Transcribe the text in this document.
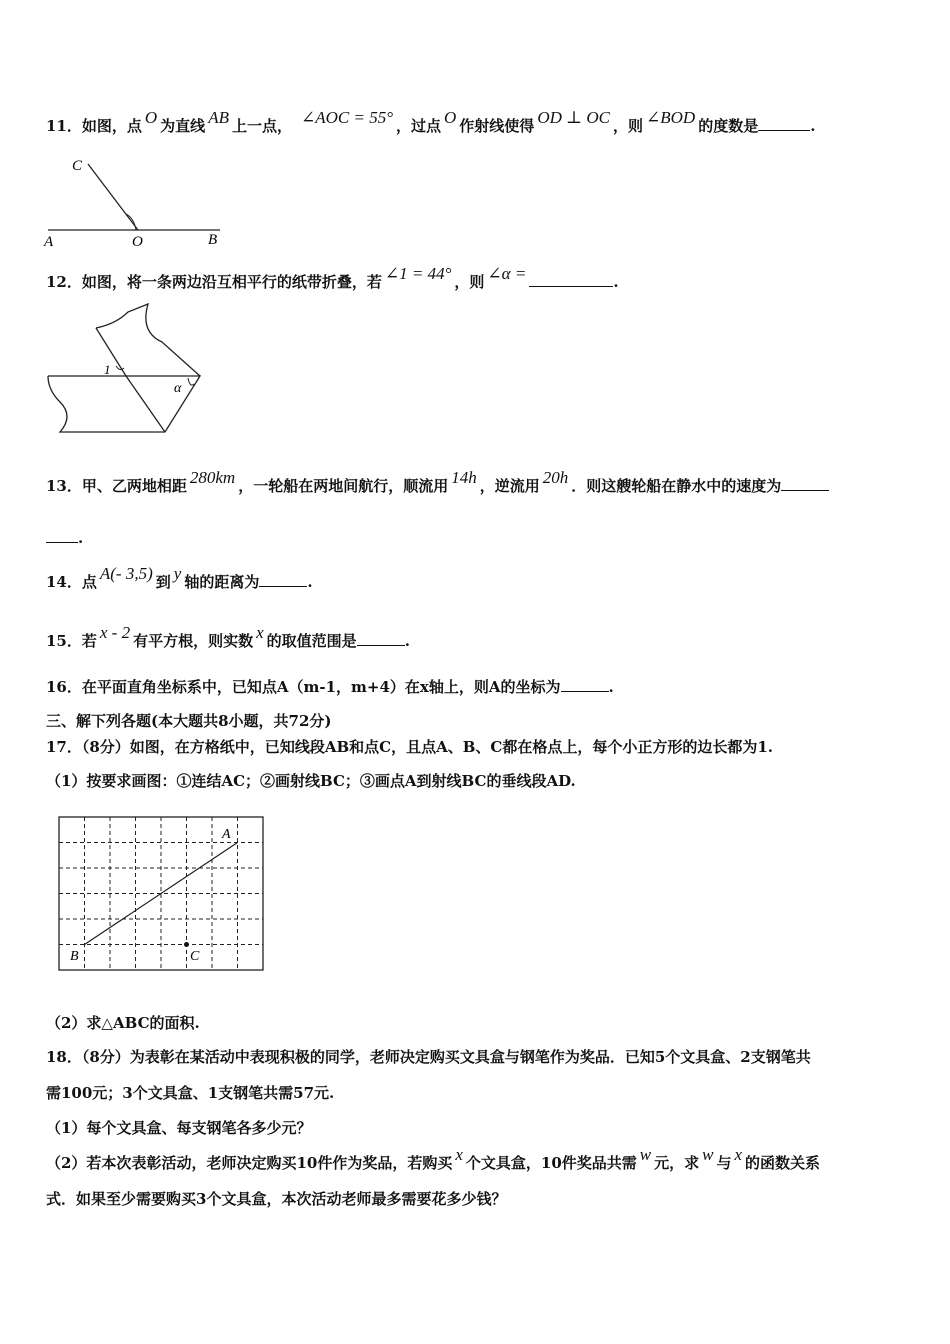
11．如图，点 O 为直线 AB 上一点， ∠AOC = 55° ，过点 O 作射线使得 OD ⊥ OC ，则 ∠BOD 的度数是	.
C
A	O	B
12．如图，将一条两边沿互相平行的纸带折叠，若 ∠1 = 44° ，则 ∠α =	.
1
α
13．甲、乙两地相距 280km ，一轮船在两地间航行，顺流用 14h ，逆流用 20h ．则这艘轮船在静水中的速度为
.
14．点 A(- 3,5) 到 y 轴的距离为	.
15．若 x - 2 有平方根，则实数 x 的取值范围是	.
16．在平面直角坐标系中，已知点A（m-1，m+4）在x轴上，则A的坐标为	.
三、解下列各题(本大题共8小题，共72分)
17．（8分）如图，在方格纸中，已知线段AB和点C，且点A、B、C都在格点上，每个小正方形的边长都为1.
（1）按要求画图：①连结AC；②画射线BC；③画点A到射线BC的垂线段AD.
A
B	C
（2）求△ABC的面积.
18．（8分）为表彰在某活动中表现积极的同学，老师决定购买文具盒与钢笔作为奖品．已知5个文具盒、2支钢笔共
需100元；3个文具盒、1支钢笔共需57元.
（1）每个文具盒、每支钢笔各多少元？
（2）若本次表彰活动，老师决定购买10件作为奖品，若购买 x 个文具盒，10件奖品共需 w 元，求 w 与 x 的函数关系
式．如果至少需要购买3个文具盒，本次活动老师最多需要花多少钱？
